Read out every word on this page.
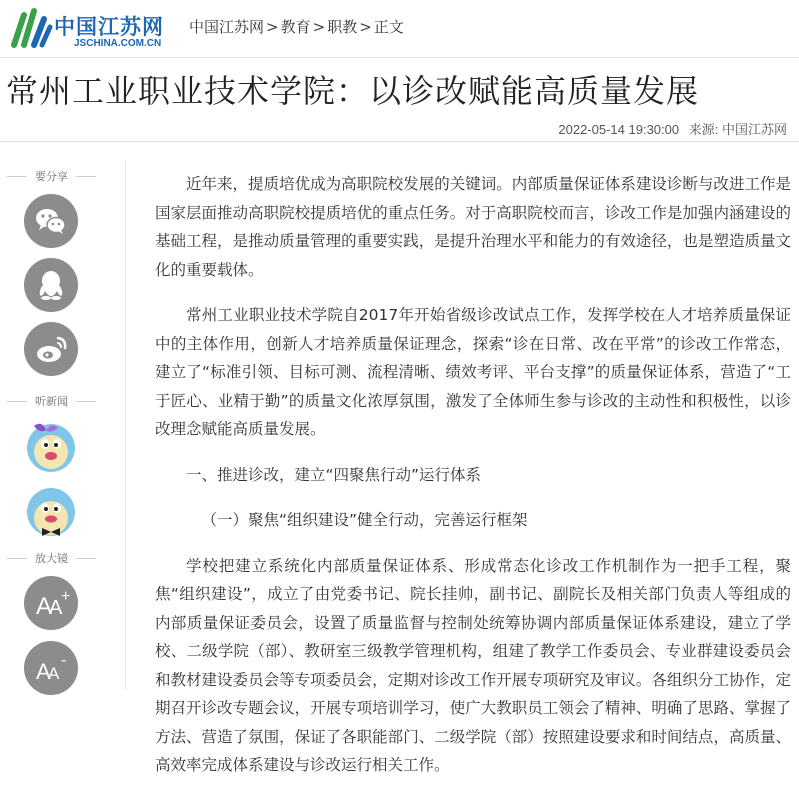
中国江苏网
JSCHINA.COM.CN
中国江苏网 > 教育 > 职教 > 正文
常州工业职业技术学院：以诊改赋能高质量发展
2022-05-14 19:30:00 来源: 中国江苏网
要分享
听新闻
放大镜
A
A
+
A
A
-

近年来，提质培优成为高职院校发展的关键词。内部质量保证体系建设诊断与改进工作是国家层面推动高职院校提质培优的重点任务。对于高职院校而言，诊改工作是加强内涵建设的基础工程，是推动质量管理的重要实践，是提升治理水平和能力的有效途径，也是塑造质量文化的重要载体。

常州工业职业技术学院自2017年开始省级诊改试点工作，发挥学校在人才培养质量保证中的主体作用，创新人才培养质量保证理念，探索“诊在日常、改在平常”的诊改工作常态，建立了“标准引领、目标可测、流程清晰、绩效考评、平台支撑”的质量保证体系，营造了“工于匠心、业精于勤”的质量文化浓厚氛围，激发了全体师生参与诊改的主动性和积极性，以诊改理念赋能高质量发展。

一、推进诊改，建立“四聚焦行动”运行体系

（一）聚焦“组织建设”健全行动，完善运行框架

学校把建立系统化内部质量保证体系、形成常态化诊改工作机制作为一把手工程，聚焦“组织建设”，成立了由党委书记、院长挂帅，副书记、副院长及相关部门负责人等组成的内部质量保证委员会，设置了质量监督与控制处统筹协调内部质量保证体系建设，建立了学校、二级学院（部）、教研室三级教学管理机构，组建了教学工作委员会、专业群建设委员会和教材建设委员会等专项委员会，定期对诊改工作开展专项研究及审议。各组织分工协作，定期召开诊改专题会议，开展专项培训学习，使广大教职员工领会了精神、明确了思路、掌握了方法、营造了氛围，保证了各职能部门、二级学院（部）按照建设要求和时间结点，高质量、高效率完成体系建设与诊改运行相关工作。
